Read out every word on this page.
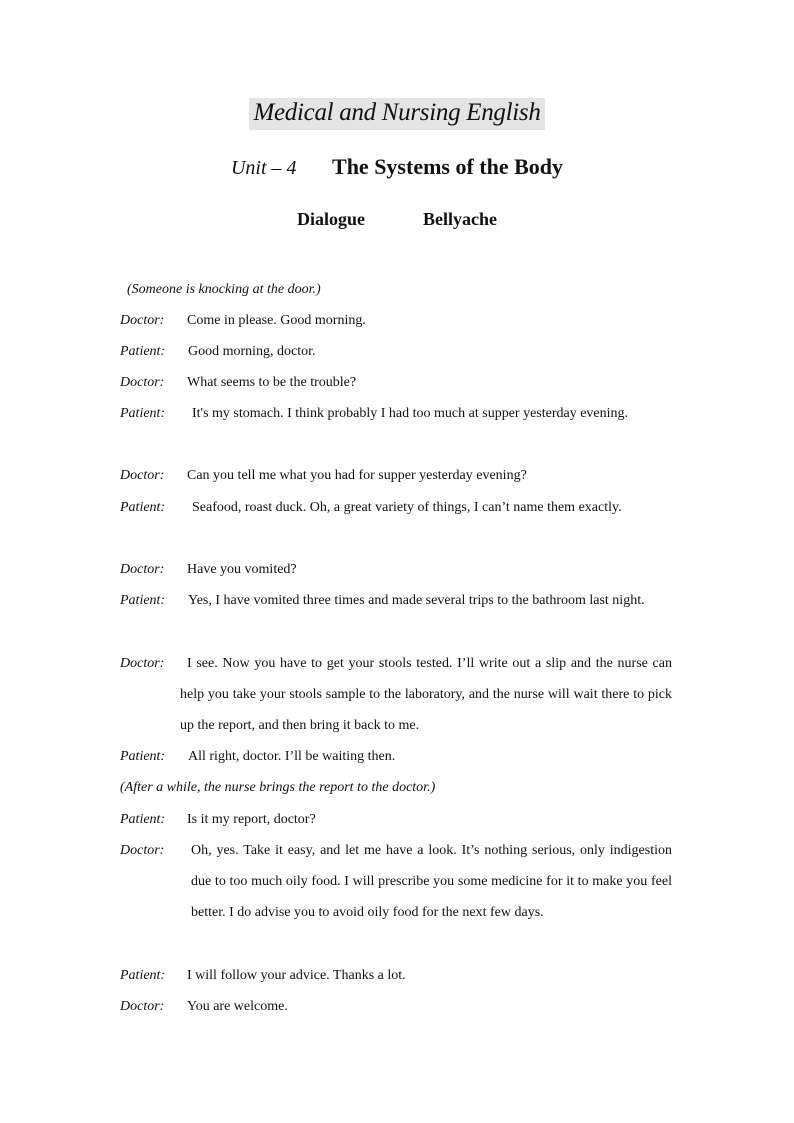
Medical and Nursing English
Unit – 4 The Systems of the Body
Dialogue	Bellyache
(Someone is knocking at the door.)
Doctor:	Come in please. Good morning.
Patient:	Good morning, doctor.
Doctor:	What seems to be the trouble?
Patient:	It's my stomach. I think probably I had too much at supper yesterday evening.
Doctor:	Can you tell me what you had for supper yesterday evening?
Patient:	Seafood, roast duck. Oh, a great variety of things, I can’t name them exactly.
Doctor:	Have you vomited?
Patient:	Yes, I have vomited three times and made several trips to the bathroom last night.
Doctor:	I see. Now you have to get your stools tested. I’ll write out a slip and the nurse can help you take your stools sample to the laboratory, and the nurse will wait there to pick up the report, and then bring it back to me.
Patient:	All right, doctor. I’ll be waiting then.
(After a while, the nurse brings the report to the doctor.)
Patient:	Is it my report, doctor?
Doctor:	Oh, yes. Take it easy, and let me have a look. It’s nothing serious, only indigestion due to too much oily food. I will prescribe you some medicine for it to make you feel better. I do advise you to avoid oily food for the next few days.
Patient:	I will follow your advice. Thanks a lot.
Doctor:	You are welcome.
